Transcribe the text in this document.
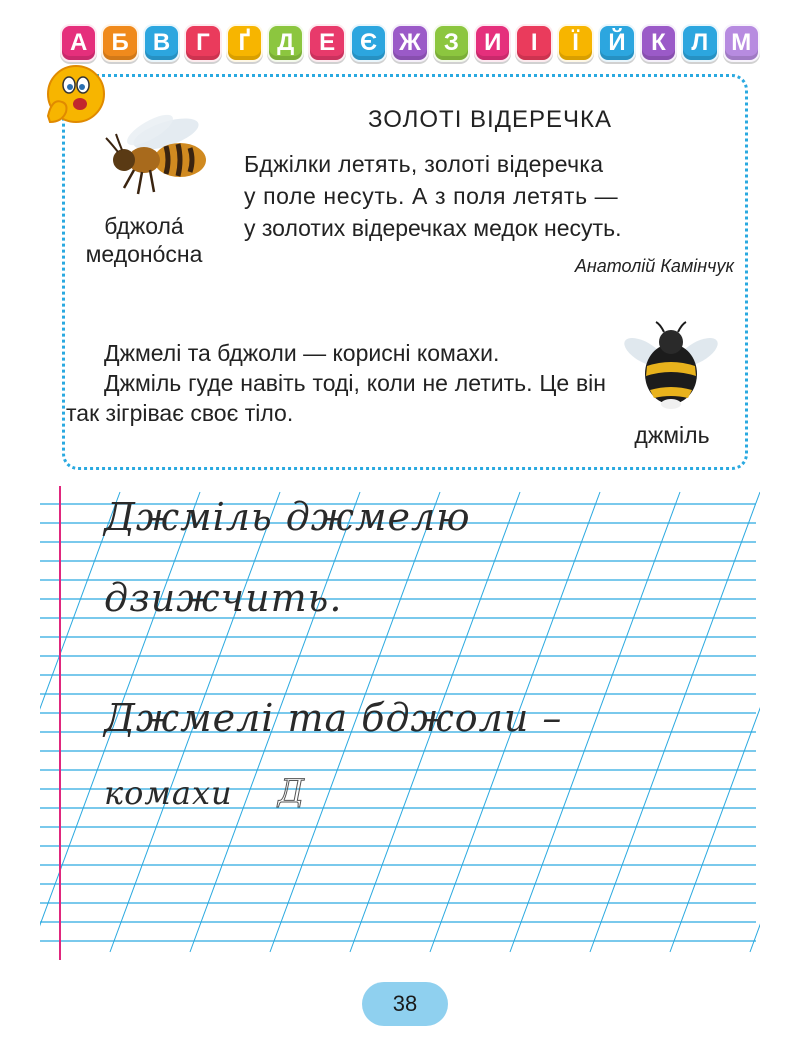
А	Б	В	Г	Ґ	Д	Е	Є Ж З	И	І	Ї	Й	К	Л М
бджола́
медоно́сна
ЗОЛОТІ ВІДЕРЕЧКА
Бджілки летять, золоті відеречка
у поле несуть. А з поля летять —
у золотих відеречках медок несуть.
Анатолій Камінчук

Джмелі та бджоли — корисні комахи.

Джміль гуде навіть тоді, коли не летить. Це він так зігріває своє тіло.

джміль
Джміль джмелю
дзижчить.
Джмелі та бджоли –
комахи Д
38
